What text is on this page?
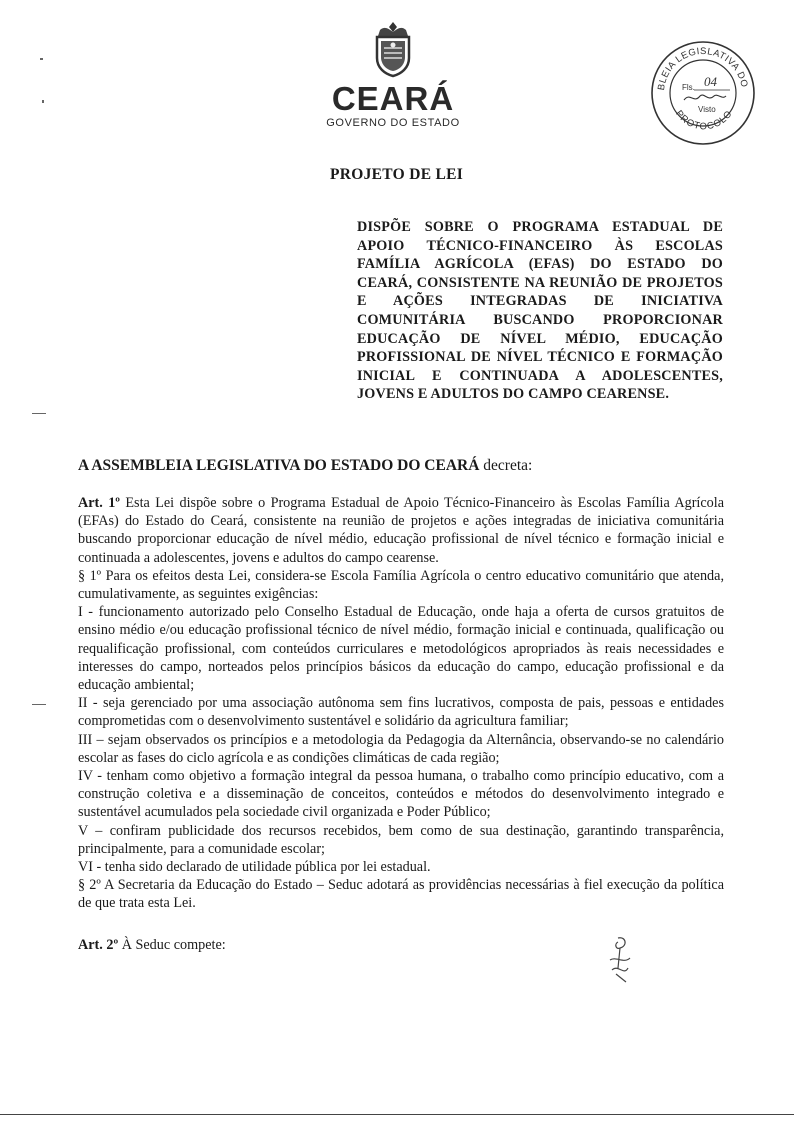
CEARÁ
GOVERNO DO ESTADO
BLEIA LEGISLATIVA DO
PROTOCOLO
Fls. 04
Visto
PROJETO DE LEI
DISPÕE SOBRE O PROGRAMA ESTADUAL DE APOIO TÉCNICO-FINANCEIRO ÀS ESCOLAS FAMÍLIA AGRÍCOLA (EFAS) DO ESTADO DO CEARÁ, CONSISTENTE NA REUNIÃO DE PROJETOS E AÇÕES INTEGRADAS DE INICIATIVA COMUNITÁRIA BUSCANDO PROPORCIONAR EDUCAÇÃO DE NÍVEL MÉDIO, EDUCAÇÃO PROFISSIONAL DE NÍVEL TÉCNICO E FORMAÇÃO INICIAL E CONTINUADA A ADOLESCENTES, JOVENS E ADULTOS DO CAMPO CEARENSE.
A ASSEMBLEIA LEGISLATIVA DO ESTADO DO CEARÁ decreta:

Art. 1º Esta Lei dispõe sobre o Programa Estadual de Apoio Técnico-Financeiro às Escolas Família Agrícola (EFAs) do Estado do Ceará, consistente na reunião de projetos e ações integradas de iniciativa comunitária buscando proporcionar educação de nível médio, educação profissional de nível técnico e formação inicial e continuada a adolescentes, jovens e adultos do campo cearense.

§ 1º Para os efeitos desta Lei, considera-se Escola Família Agrícola o centro educativo comunitário que atenda, cumulativamente, as seguintes exigências:

I - funcionamento autorizado pelo Conselho Estadual de Educação, onde haja a oferta de cursos gratuitos de ensino médio e/ou educação profissional técnico de nível médio, formação inicial e continuada, qualificação ou requalificação profissional, com conteúdos curriculares e metodológicos apropriados às reais necessidades e interesses do campo, norteados pelos princípios básicos da educação do campo, educação profissional e da educação ambiental;

II - seja gerenciado por uma associação autônoma sem fins lucrativos, composta de pais, pessoas e entidades comprometidas com o desenvolvimento sustentável e solidário da agricultura familiar;

III – sejam observados os princípios e a metodologia da Pedagogia da Alternância, observando-se no calendário escolar as fases do ciclo agrícola e as condições climáticas de cada região;

IV - tenham como objetivo a formação integral da pessoa humana, o trabalho como princípio educativo, com a construção coletiva e a disseminação de conceitos, conteúdos e métodos do desenvolvimento integrado e sustentável acumulados pela sociedade civil organizada e Poder Público;

V – confiram publicidade dos recursos recebidos, bem como de sua destinação, garantindo transparência, principalmente, para a comunidade escolar;

VI - tenha sido declarado de utilidade pública por lei estadual.

§ 2º A Secretaria da Educação do Estado – Seduc adotará as providências necessárias à fiel execução da política de que trata esta Lei.

Art. 2º À Seduc compete:
